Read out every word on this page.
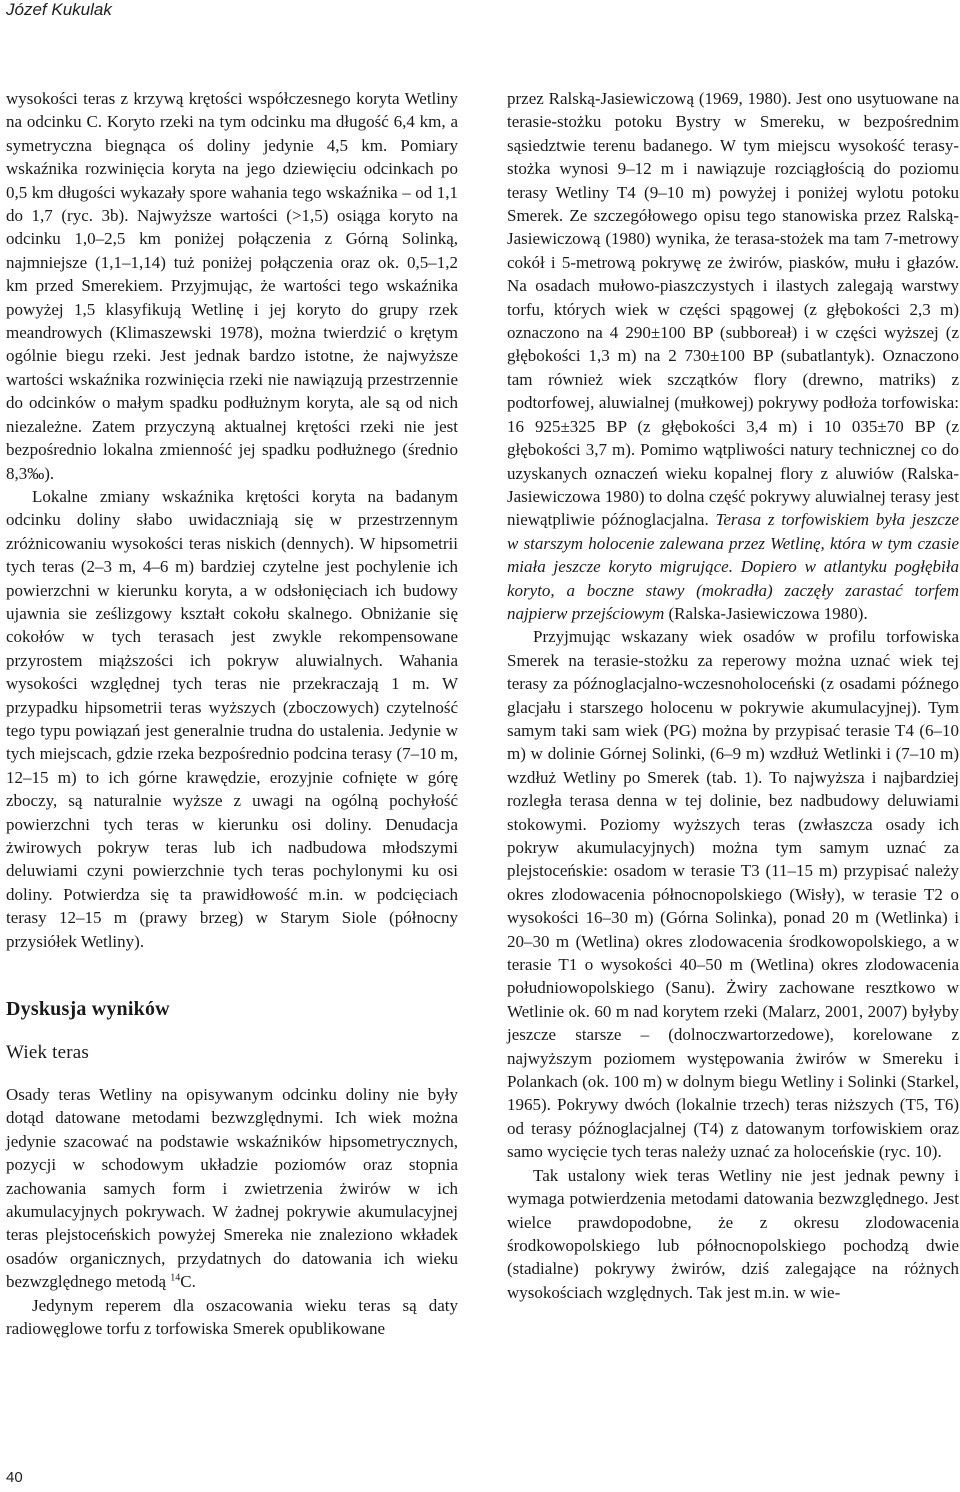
Józef Kukulak

wysokości teras z krzywą krętości współczesnego koryta Wetliny na odcinku C. Koryto rzeki na tym odcinku ma długość 6,4 km, a symetryczna biegnąca oś doliny jedynie 4,5 km. Pomiary wskaźnika rozwinięcia koryta na jego dziewięciu odcinkach po 0,5 km długości wykazały spore wahania tego wskaźnika – od 1,1 do 1,7 (ryc. 3b). Najwyższe wartości (>1,5) osiąga koryto na odcinku 1,0–2,5 km poniżej połączenia z Górną Solinką, najmniejsze (1,1–1,14) tuż poniżej połączenia oraz ok. 0,5–1,2 km przed Smerekiem. Przyjmując, że wartości tego wskaźnika powyżej 1,5 klasyfikują Wetlinę i jej koryto do grupy rzek meandrowych (Klimaszewski 1978), można twierdzić o krętym ogólnie biegu rzeki. Jest jednak bardzo istotne, że najwyższe wartości wskaźnika rozwinięcia rzeki nie nawiązują przestrzennie do odcinków o małym spadku podłużnym koryta, ale są od nich niezależne. Zatem przyczyną aktualnej krętości rzeki nie jest bezpośrednio lokalna zmienność jej spadku podłużnego (średnio 8,3‰).

Lokalne zmiany wskaźnika krętości koryta na badanym odcinku doliny słabo uwidaczniają się w przestrzennym zróżnicowaniu wysokości teras niskich (dennych). W hipsometrii tych teras (2–3 m, 4–6 m) bardziej czytelne jest pochylenie ich powierzchni w kierunku koryta, a w odsłonięciach ich budowy ujawnia sie ześlizgowy kształt cokołu skalnego. Obniżanie się cokołów w tych terasach jest zwykle rekompensowane przyrostem miąższości ich pokryw aluwialnych. Wahania wysokości względnej tych teras nie przekraczają 1 m. W przypadku hipsometrii teras wyższych (zboczowych) czytelność tego typu powiązań jest generalnie trudna do ustalenia. Jedynie w tych miejscach, gdzie rzeka bezpośrednio podcina terasy (7–10 m, 12–15 m) to ich górne krawędzie, erozyjnie cofnięte w górę zboczy, są naturalnie wyższe z uwagi na ogólną pochyłość powierzchni tych teras w kierunku osi doliny. Denudacja żwirowych pokryw teras lub ich nadbudowa młodszymi deluwiami czyni powierzchnie tych teras pochylonymi ku osi doliny. Potwierdza się ta prawidłowość m.in. w podcięciach terasy 12–15 m (prawy brzeg) w Starym Siole (północny przysiółek Wetliny).

Dyskusja wyników
Wiek teras

Osady teras Wetliny na opisywanym odcinku doliny nie były dotąd datowane metodami bezwzględnymi. Ich wiek można jedynie szacować na podstawie wskaźników hipsometrycznych, pozycji w schodowym układzie poziomów oraz stopnia zachowania samych form i zwietrzenia żwirów w ich akumulacyjnych pokrywach. W żadnej pokrywie akumulacyjnej teras plejstoceńskich powyżej Smereka nie znaleziono wkładek osadów organicznych, przydatnych do datowania ich wieku bezwzględnego metodą $^{14}$C.

Jedynym reperem dla oszacowania wieku teras są daty radiowęglowe torfu z torfowiska Smerek opublikowane

przez Ralską-Jasiewiczową (1969, 1980). Jest ono usytuowane na terasie-stożku potoku Bystry w Smereku, w bezpośrednim sąsiedztwie terenu badanego. W tym miejscu wysokość terasy-stożka wynosi 9–12 m i nawiązuje rozciągłością do poziomu terasy Wetliny T4 (9–10 m) powyżej i poniżej wylotu potoku Smerek. Ze szczegółowego opisu tego stanowiska przez Ralską-Jasiewiczową (1980) wynika, że terasa-stożek ma tam 7-metrowy cokół i 5-metrową pokrywę ze żwirów, piasków, mułu i głazów. Na osadach mułowo-piaszczystych i ilastych zalegają warstwy torfu, których wiek w części spągowej (z głębokości 2,3 m) oznaczono na 4 290±100 BP (subboreał) i w części wyższej (z głębokości 1,3 m) na 2 730±100 BP (subatlantyk). Oznaczono tam również wiek szczątków flory (drewno, matriks) z podtorfowej, aluwialnej (mułkowej) pokrywy podłoża torfowiska: 16 925±325 BP (z głębokości 3,4 m) i 10 035±70 BP (z głębokości 3,7 m). Pomimo wątpliwości natury technicznej co do uzyskanych oznaczeń wieku kopalnej flory z aluwiów (Ralska-Jasiewiczowa 1980) to dolna część pokrywy aluwialnej terasy jest niewątpliwie późnoglacjalna. Terasa z torfowiskiem była jeszcze w starszym holocenie zalewana przez Wetlinę, która w tym czasie miała jeszcze koryto migrujące. Dopiero w atlantyku pogłębiła koryto, a boczne stawy (mokradła) zaczęły zarastać torfem najpierw przejściowym (Ralska-Jasiewiczowa 1980).

Przyjmując wskazany wiek osadów w profilu torfowiska Smerek na terasie-stożku za reperowy można uznać wiek tej terasy za późnoglacjalno-wczesnoholoceński (z osadami późnego glacjału i starszego holocenu w pokrywie akumulacyjnej). Tym samym taki sam wiek (PG) można by przypisać terasie T4 (6–10 m) w dolinie Górnej Solinki, (6–9 m) wzdłuż Wetlinki i (7–10 m) wzdłuż Wetliny po Smerek (tab. 1). To najwyższa i najbardziej rozległa terasa denna w tej dolinie, bez nadbudowy deluwiami stokowymi. Poziomy wyższych teras (zwłaszcza osady ich pokryw akumulacyjnych) można tym samym uznać za plejstoceńskie: osadom w terasie T3 (11–15 m) przypisać należy okres zlodowacenia północnopolskiego (Wisły), w terasie T2 o wysokości 16–30 m) (Górna Solinka), ponad 20 m (Wetlinka) i 20–30 m (Wetlina) okres zlodowacenia środkowopolskiego, a w terasie T1 o wysokości 40–50 m (Wetlina) okres zlodowacenia południowopolskiego (Sanu). Żwiry zachowane resztkowo w Wetlinie ok. 60 m nad korytem rzeki (Malarz, 2001, 2007) byłyby jeszcze starsze – (dolnoczwartorzedowe), korelowane z najwyższym poziomem występowania żwirów w Smereku i Polankach (ok. 100 m) w dolnym biegu Wetliny i Solinki (Starkel, 1965). Pokrywy dwóch (lokalnie trzech) teras niższych (T5, T6) od terasy późnoglacjalnej (T4) z datowanym torfowiskiem oraz samo wycięcie tych teras należy uznać za holoceńskie (ryc. 10).

Tak ustalony wiek teras Wetliny nie jest jednak pewny i wymaga potwierdzenia metodami datowania bezwzględnego. Jest wielce prawdopodobne, że z okresu zlodowacenia środkowopolskiego lub północnopolskiego pochodzą dwie (stadialne) pokrywy żwirów, dziś zalegające na różnych wysokościach względnych. Tak jest m.in. w wie-

40
